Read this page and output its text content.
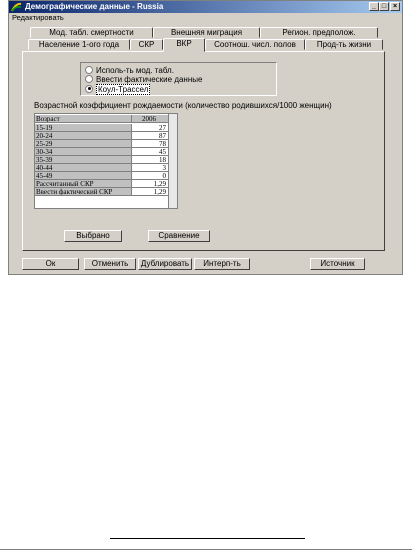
Демографические данные - Russia	_ □ ×
Редактировать
Мод. табл. смертности	Внешняя миграция	Регион. предполож.
Население 1-ого года	СКР	ВКР	Соотнош. числ. полов	Прод-ть жизни
Исполь-ть мод. табл.
Ввести фактические данные
Коул-Трассел
Возрастной коэффициент рождаемости (количество родившихся/1000 женщин)
Возраст	2006
15-19	27
20-24	87
25-29	78
30-34	45
35-39	18
40-44	3
45-49	0
Рассчитанный СКР	1,29
Ввести фактический СКР	1,29
Выбрано	Сравнение
Ок	Отменить	Дублировать	Интерп-ть	Источник
